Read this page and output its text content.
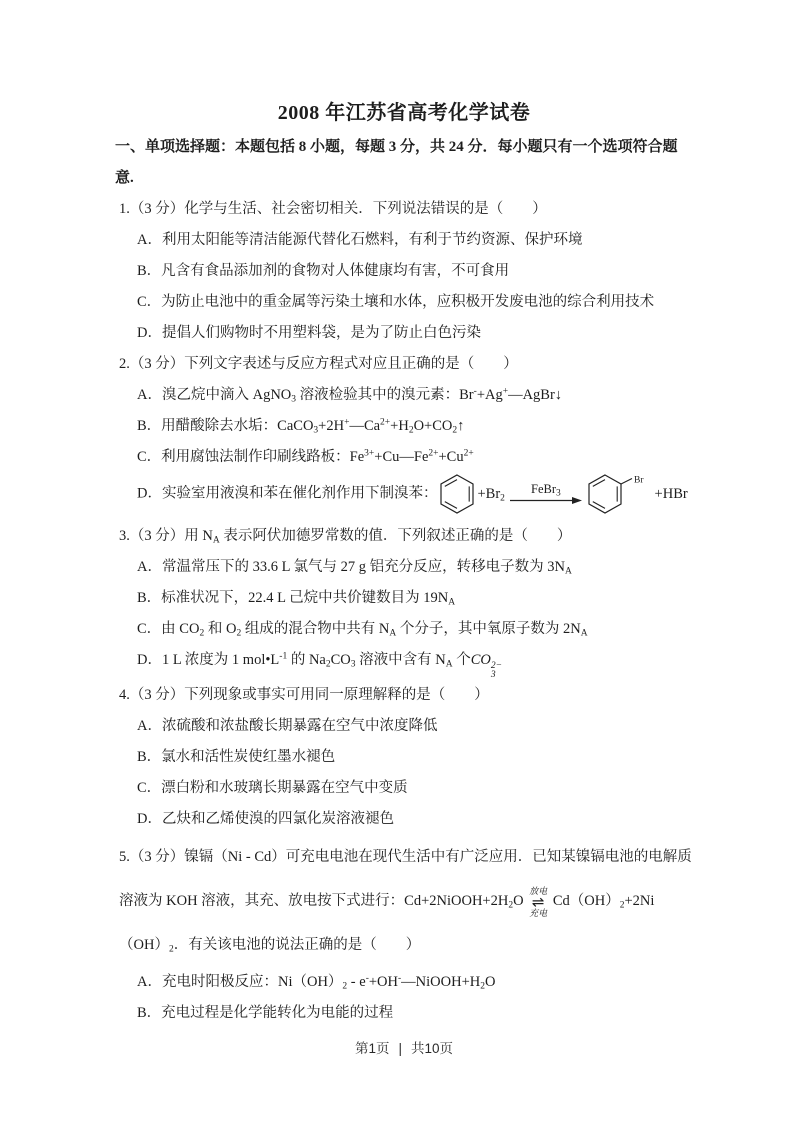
2008 年江苏省高考化学试卷

一、单项选择题：本题包括 8 小题，每题 3 分，共 24 分．每小题只有一个选项符合题意.

1.（3 分）化学与生活、社会密切相关．下列说法错误的是（　　）

A．利用太阳能等清洁能源代替化石燃料，有利于节约资源、保护环境

B．凡含有食品添加剂的食物对人体健康均有害，不可食用

C．为防止电池中的重金属等污染土壤和水体，应积极开发废电池的综合利用技术

D．提倡人们购物时不用塑料袋，是为了防止白色污染

2.（3 分）下列文字表述与反应方程式对应且正确的是（　　）

A．溴乙烷中滴入 AgNO$_3$ 溶液检验其中的溴元素：Br-+Ag+—AgBr↓

B．用醋酸除去水垢：$CaCO_3+2H^+—Ca^{2+}+H_2O+CO_2↑$

C．利用腐蚀法制作印刷线路板：$Fe^{3+}+Cu—Fe^{2+}+Cu^{2+}$

D．实验室用液溴和苯在催化剂作用下制溴苯：	$+Br_2$
FeBr$_3$
Br
+HBr

3.（3 分）用 $N_A$ 表示阿伏加德罗常数的值．下列叙述正确的是（　　）

A．常温常压下的 33.6 L 氯气与 27 g 铝充分反应，转移电子数为 $3N_A$

B．标准状况下，22.4 L 己烷中共价键数目为 $19N_A$

C．由 $CO_2$ 和 $O_2$ 组成的混合物中共有 $N_A$ 个分子，其中氧原子数为 $2N_A$

D．1 L 浓度为 1 $mol•L^{-1}$ 的 $Na_2CO_3$ 溶液中含有 $N_A$ 个CO 2−
3

4.（3 分）下列现象或事实可用同一原理解释的是（　　）

A．浓硫酸和浓盐酸长期暴露在空气中浓度降低

B．氯水和活性炭使红墨水褪色

C．漂白粉和水玻璃长期暴露在空气中变质

D．乙炔和乙烯使溴的四氯化炭溶液褪色

5.（3 分）镍镉（Ni - Cd）可充电电池在现代生活中有广泛应用．已知某镍镉电池的电解质溶液为 KOH 溶液，其充、放电按下式进行：$Cd+2NiOOH+2H_2O$
放电
⇌
充电
$Cd(OH)_2+2Ni(OH)_2$．有关该电池的说法正确的是（　　）

A．充电时阳极反应：$Ni(OH)_2$ - $e^-+OH^-—NiOOH+H_2O$

B．充电过程是化学能转化为电能的过程

第1页 | 共10页
